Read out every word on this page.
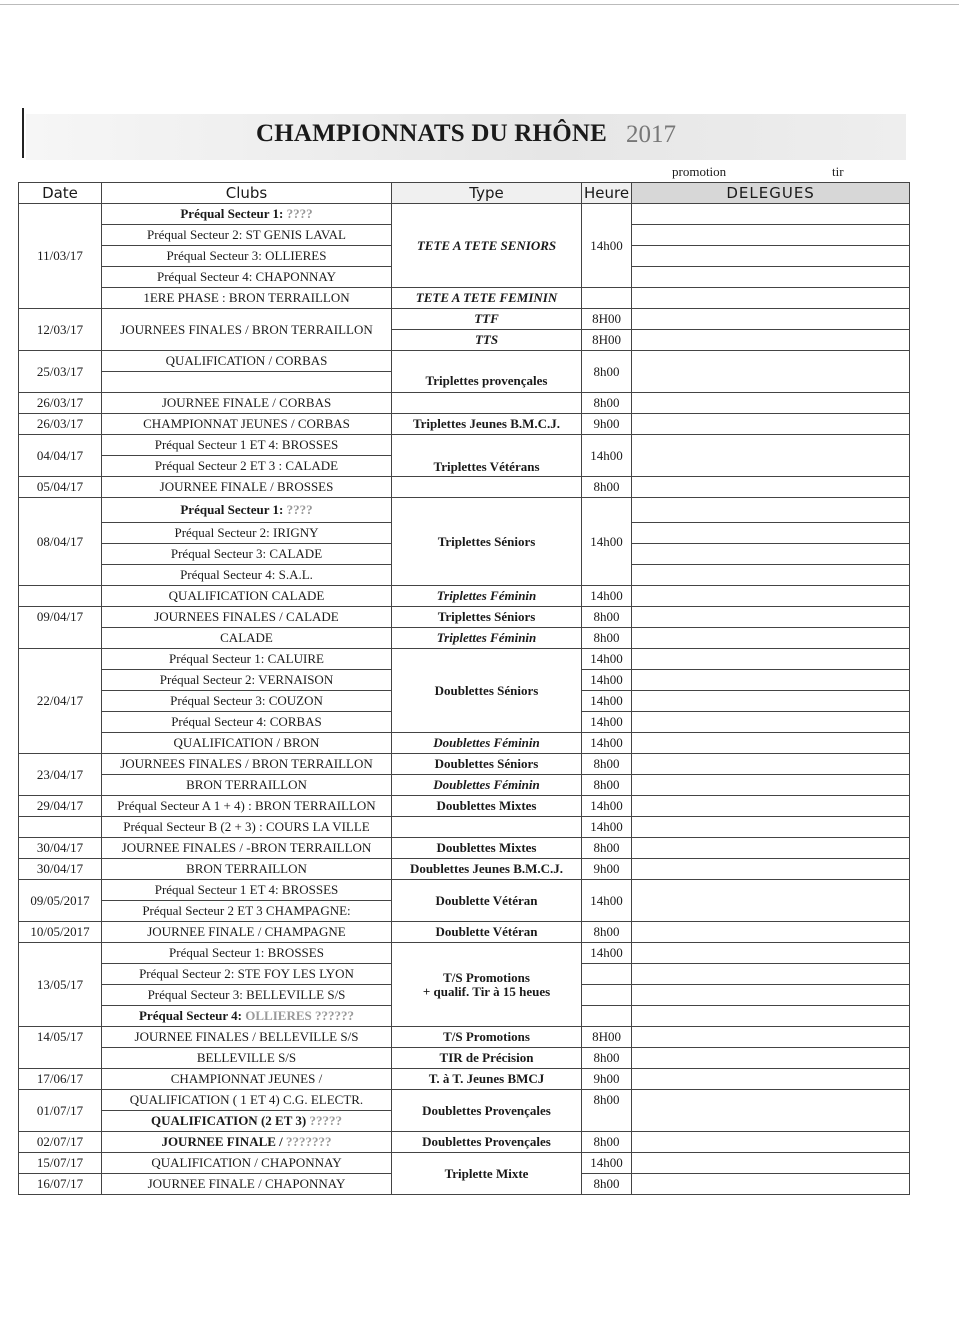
CHAMPIONNATS DU RHÔNE 2017
promotion	tir
Date	Clubs	Type	Heure	DELEGUES
11/03/17	Préqual Secteur 1: ????	TETE A TETE SENIORS	14h00	
	Préqual Secteur 2: ST GENIS LAVAL			
	Préqual Secteur 3: OLLIERES			
	Préqual Secteur 4: CHAPONNAY			
	1ERE PHASE : BRON TERRAILLON	TETE A TETE FEMININ		
12/03/17	JOURNEES FINALES / BRON TERRAILLON	TTF	8H00	
		TTS	8H00	
25/03/17	QUALIFICATION / CORBAS	Triplettes provençales	8h00	

26/03/17	JOURNEE FINALE / CORBAS		8h00	
26/03/17	CHAMPIONNAT JEUNES / CORBAS	Triplettes Jeunes B.M.C.J.	9h00	
04/04/17	Préqual Secteur 1 ET 4: BROSSES	Triplettes Vétérans	14h00	
	Préqual Secteur 2 ET 3 : CALADE			
05/04/17	JOURNEE FINALE / BROSSES		8h00	
08/04/17	Préqual Secteur 1: ????	Triplettes Séniors	14h00	
	Préqual Secteur 2: IRIGNY			
	Préqual Secteur 3: CALADE			
	Préqual Secteur 4: S.A.L.			
	QUALIFICATION CALADE	Triplettes Féminin	14h00	
09/04/17	JOURNEES FINALES / CALADE	Triplettes Séniors	8h00	
	CALADE	Triplettes Féminin	8h00	
22/04/17	Préqual Secteur 1: CALUIRE	Doublettes Séniors	14h00	
	Préqual Secteur 2: VERNAISON		14h00	
	Préqual Secteur 3: COUZON		14h00	
	Préqual Secteur 4: CORBAS		14h00	
	QUALIFICATION / BRON	Doublettes Féminin	14h00	
23/04/17	JOURNEES FINALES / BRON TERRAILLON	Doublettes Séniors	8h00	
	BRON TERRAILLON	Doublettes Féminin	8h00	
29/04/17	Préqual Secteur A 1 + 4) : BRON TERRAILLON	Doublettes Mixtes	14h00	
	Préqual Secteur B (2 + 3) : COURS LA VILLE		14h00	
30/04/17	JOURNEE FINALES / -BRON TERRAILLON	Doublettes Mixtes	8h00	
30/04/17	BRON TERRAILLON	Doublettes Jeunes B.M.C.J.	9h00	
09/05/2017	Préqual Secteur 1 ET 4: BROSSES	Doublette Vétéran	14h00	
	Préqual Secteur 2 ET 3 CHAMPAGNE:			
10/05/2017	JOURNEE FINALE / CHAMPAGNE	Doublette Vétéran	8h00	
13/05/17	Préqual Secteur 1: BROSSES	T/S Promotions
+ qualif. Tir à 15 heues	14h00	
	Préqual Secteur 2: STE FOY LES LYON			
	Préqual Secteur 3: BELLEVILLE S/S			
	Préqual Secteur 4: OLLIERES ??????			
14/05/17	JOURNEE FINALES / BELLEVILLE S/S	T/S Promotions	8H00	
	BELLEVILLE S/S	TIR de Précision	8h00	
17/06/17	CHAMPIONNAT JEUNES /	T. à T. Jeunes BMCJ	9h00	
01/07/17	QUALIFICATION ( 1 ET 4) C.G. ELECTR.	Doublettes Provençales	8h00	
	QUALIFICATION (2 ET 3) ?????			
02/07/17	JOURNEE FINALE / ???????	Doublettes Provençales	8h00	
15/07/17	QUALIFICATION / CHAPONNAY	Triplette Mixte	14h00	
16/07/17	JOURNEE FINALE / CHAPONNAY		8h00	
